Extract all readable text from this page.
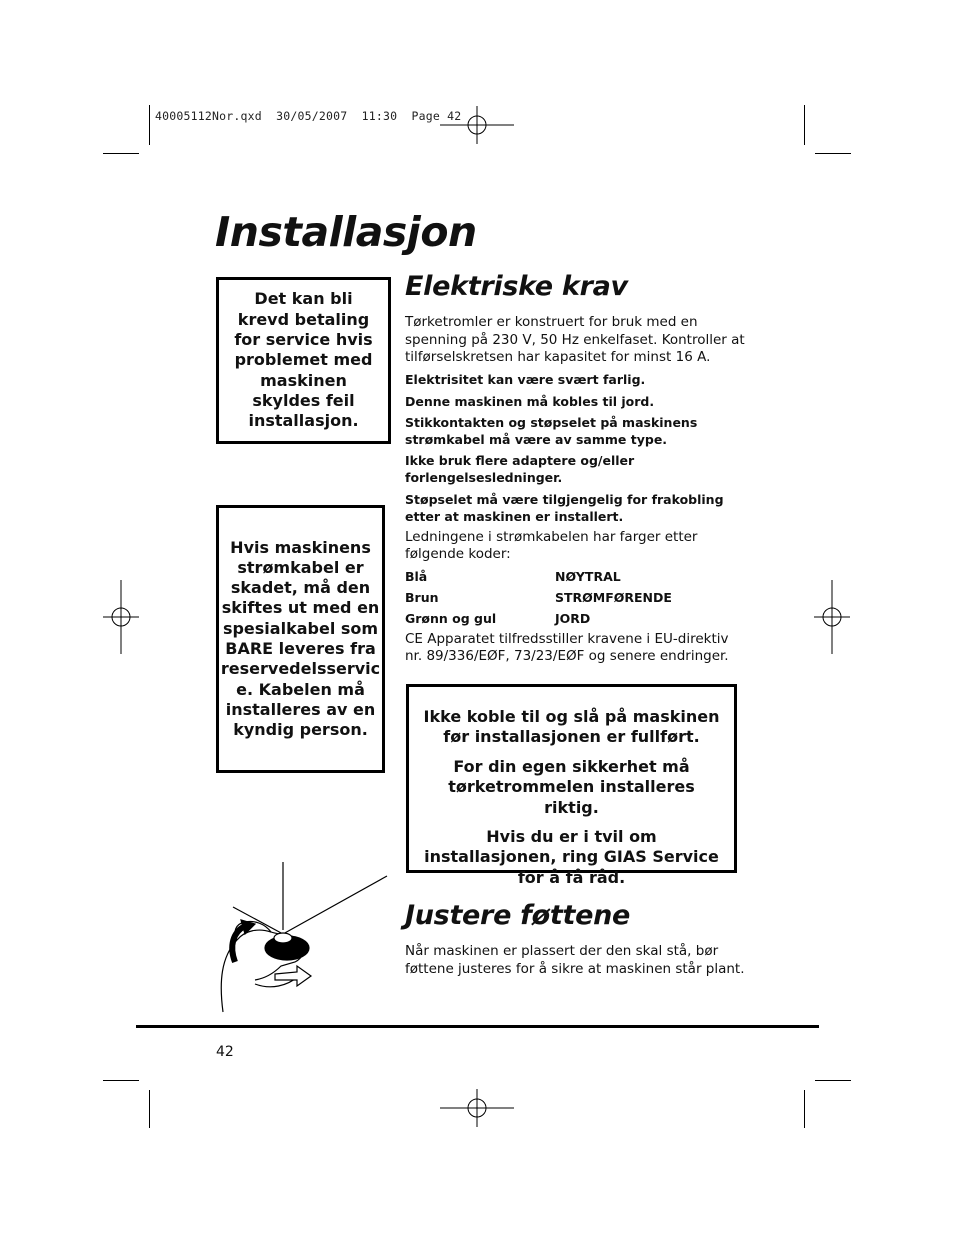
40005112Nor.qxd  30/05/2007  11:30  Page 42
Installasjon

Det kan bli krevd betaling for service hvis problemet med maskinen skyldes feil installasjon.

Hvis maskinens strømkabel er skadet, må den skiftes ut med en spesialkabel som BARE leveres fra reservedelsservic e. Kabelen må installeres av en kyndig person.

Elektriske krav

Tørketromler er konstruert for bruk med en spenning på 230 V, 50 Hz enkelfaset. Kontroller at tilførselskretsen har kapasitet for minst 16 A.

Elektrisitet kan være svært farlig.

Denne maskinen må kobles til jord.

Stikkontakten og støpselet på maskinens strømkabel må være av samme type.

Ikke bruk flere adaptere og/eller forlengelsesledninger.

Støpselet må være tilgjengelig for frakobling etter at maskinen er installert.

Ledningene i strømkabelen har farger etter følgende koder:

Blå	NØYTRAL
Brun	STRØMFØRENDE
Grønn og gul	JORD

CE Apparatet tilfredsstiller kravene i EU-direktiv

nr. 89/336/EØF, 73/23/EØF og senere endringer.

Ikke koble til og slå på maskinen før installasjonen er fullført.

For din egen sikkerhet må tørketrommelen installeres riktig.

Hvis du er i tvil om installasjonen, ring GIAS Service for å få råd.

Justere føttene

Når maskinen er plassert der den skal stå, bør føttene justeres for å sikre at maskinen står plant.

42
